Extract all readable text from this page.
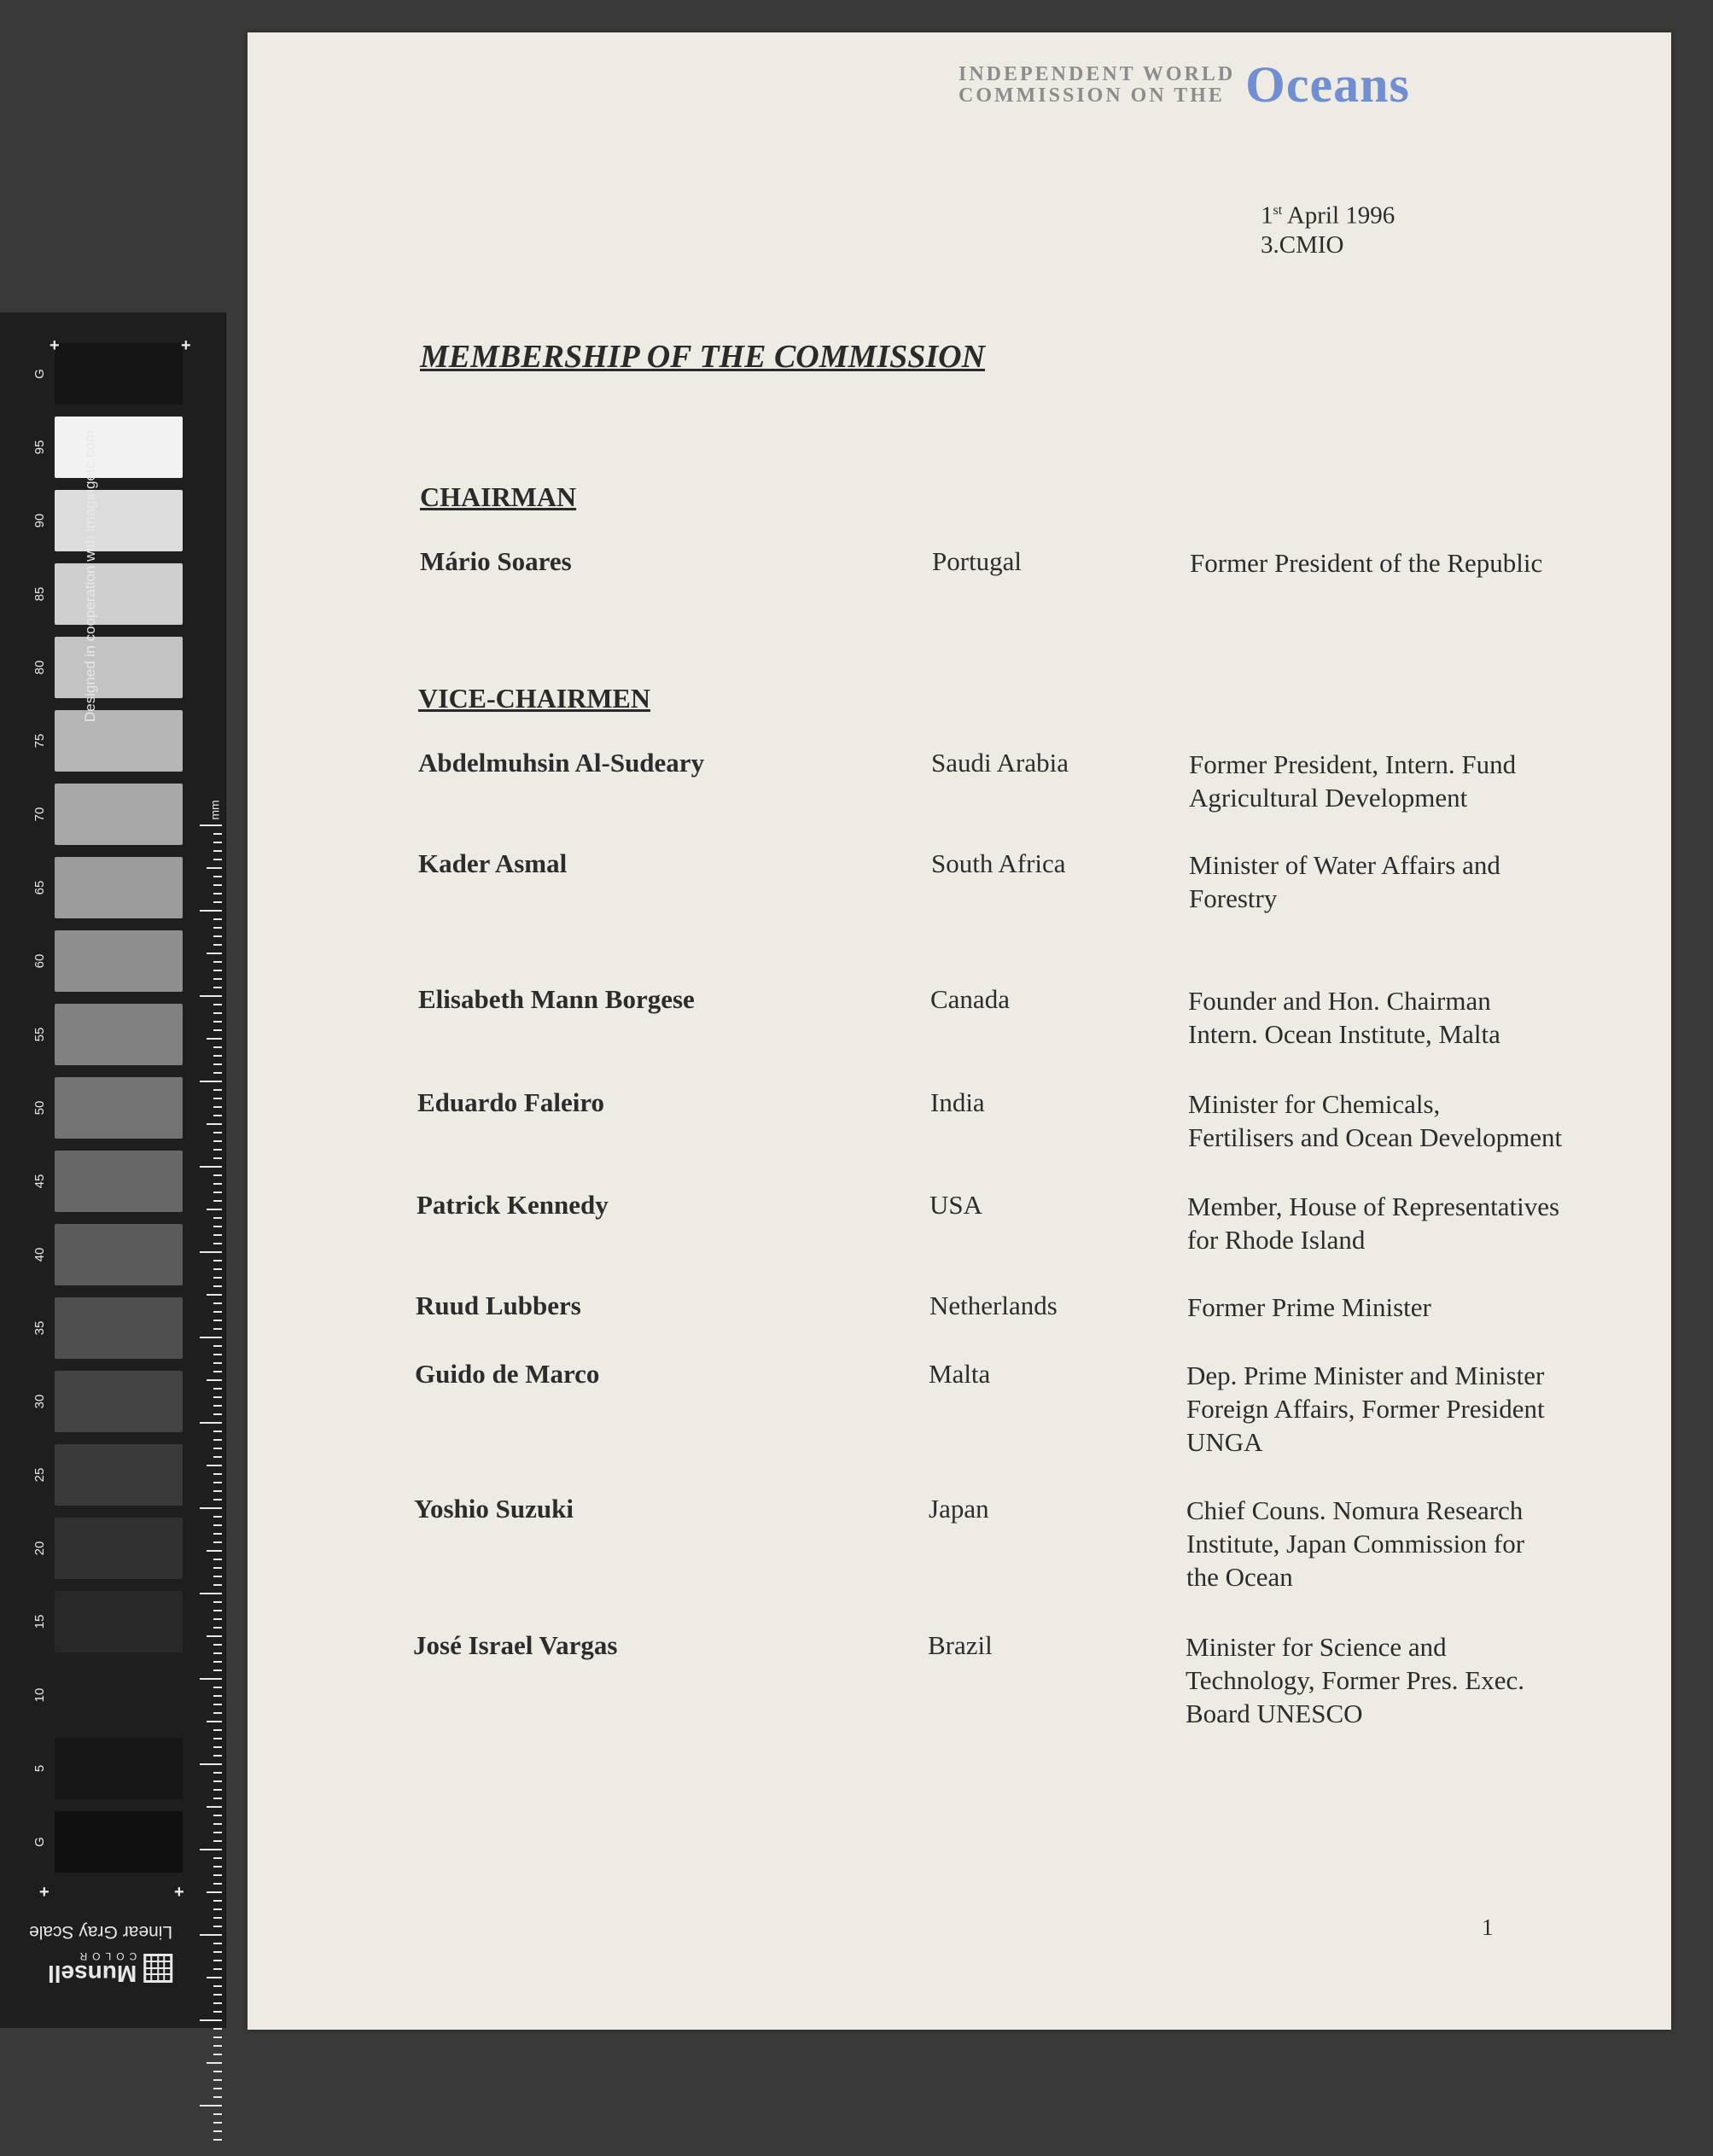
G
95
90
85
80
75
70
65
60
55
50
45
40
35
30
25
20
15
10
5
G
+	+
+	+
Designed in cooperation with imagingetc.com
mm
Linear Gray Scale
Munsell
COLOR
INDEPENDENT WORLD
COMMISSION ON THE Oceans
1st April 1996
3.CMIO
MEMBERSHIP OF THE COMMISSION
CHAIRMAN
VICE-CHAIRMEN
Mário Soares	Portugal	Former President of the Republic
Abdelmuhsin Al-Sudeary	Saudi Arabia	Former President, Intern. Fund
Agricultural Development
Kader Asmal	South Africa	Minister of Water Affairs and
Forestry
Elisabeth Mann Borgese	Canada	Founder and Hon. Chairman
Intern. Ocean Institute, Malta
Eduardo Faleiro	India	Minister for Chemicals,
Fertilisers and Ocean Development
Patrick Kennedy	USA	Member, House of Representatives
for Rhode Island
Ruud Lubbers	Netherlands	Former Prime Minister
Guido de Marco	Malta	Dep. Prime Minister and Minister
Foreign Affairs, Former President
UNGA
Yoshio Suzuki	Japan	Chief Couns. Nomura Research
Institute, Japan Commission for
the Ocean
José Israel Vargas	Brazil	Minister for Science and
Technology, Former Pres. Exec.
Board UNESCO
1
